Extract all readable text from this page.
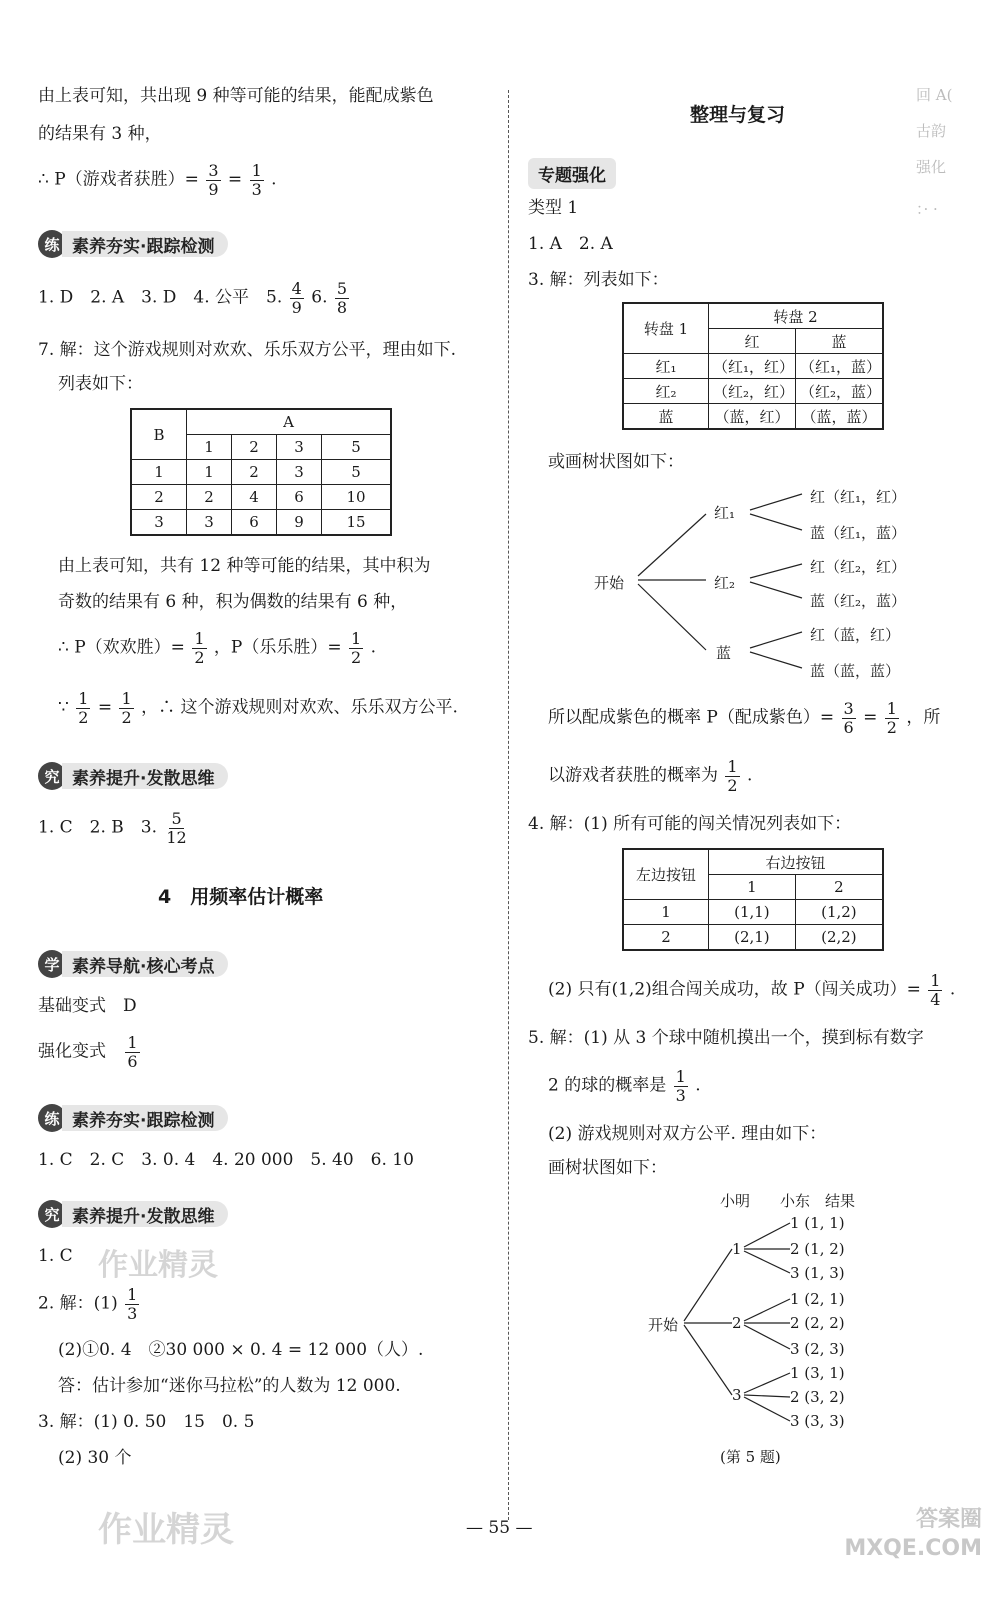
由上表可知，共出现 9 种等可能的结果，能配成紫色
的结果有 3 种，
∴ P（游戏者获胜）= $\frac{3}{9} = \frac{1}{3}$ .
练 素养夯实·跟踪检测
1. D　2. A　3. D　4. 公平　5. $\frac{4}{9} 6$. $\frac{5}{8}$
7. 解：这个游戏规则对欢欢、乐乐双方公平，理由如下.
列表如下：
B	A			
	1	2	3	5
1	1	2	3	5
2	2	4	6	10
3	3	6	9	15
由上表可知，共有 12 种等可能的结果，其中积为
奇数的结果有 6 种，积为偶数的结果有 6 种，
∴ P（欢欢胜）= $\frac{1}{2}$ ，P（乐乐胜）= $\frac{1}{2}$ .
∵ $\frac{1}{2} = \frac{1}{2}$ ，∴ 这个游戏规则对欢欢、乐乐双方公平.
究 素养提升·发散思维
1. C　2. B　3. $\frac{5}{12}$
4　用频率估计概率
学 素养导航·核心考点
基础变式　D
强化变式 $\frac{1}{6}$
练 素养夯实·跟踪检测
1. C　2. C　3. 0. 4　4. 20 000　5. 40　6. 10
究 素养提升·发散思维
1. C 作业精灵
2. 解：$(1) \frac{1}{3}$
(2)①0. 4　②30 000 × 0. 4 = 12 000（人）.
答：估计参加“迷你马拉松”的人数为 12 000.
3. 解：(1) 0. 50　15　0. 5
(2) 30 个
作业精灵
整理与复习
回 A(
古韵
强化
：· ·
专题强化
类型 1
1. A　2. A
3. 解：列表如下：
转盘 1	转盘 2	
	红	蓝
红₁	（红₁，红）	（红₁，蓝）
红₂	（红₂，红）	（红₂，蓝）
蓝	（蓝，红）	（蓝，蓝）
或画树状图如下：
开始
红₁
红₂
蓝
红（红₁，红）
蓝（红₁，蓝）
红（红₂，红）
蓝（红₂，蓝）
红（蓝，红）
蓝（蓝，蓝）
所以配成紫色的概率 P（配成紫色）= $\frac{3}{6} = \frac{1}{2}$ ，所
以游戏者获胜的概率为 $\frac{1}{2}$ .
4. 解：(1) 所有可能的闯关情况列表如下：
左边按钮	右边按钮	
	1	2
1	(1,1)	(1,2)
2	(2,1)	(2,2)
(2) 只有(1,2)组合闯关成功，故 P（闯关成功）= $\frac{1}{4}$ .
5. 解：(1) 从 3 个球中随机摸出一个，摸到标有数字
2 的球的概率是 $\frac{1}{3}$ .
(2) 游戏规则对双方公平. 理由如下：
画树状图如下：
小明　　小东　结果
开始
1
2
3
1 (1, 1)
2 (1, 2)
3 (1, 3)
1 (2, 1)
2 (2, 2)
3 (2, 3)
1 (3, 1)
2 (3, 2)
3 (3, 3)
(第 5 题)
— 55 —	答案圈 MXQE.COM
